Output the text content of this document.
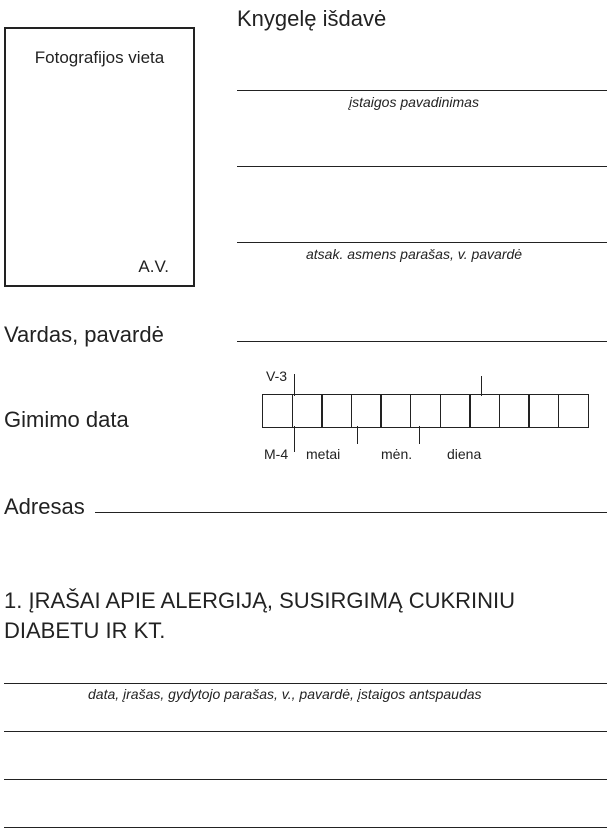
Fotografijos vieta
A.V.
Knygelę išdavė
įstaigos pavadinimas
atsak. asmens parašas, v. pavardė
Vardas, pavardė
Gimimo data
V-3
M-4 metai	mėn. diena
Adresas
1. ĮRAŠAI APIE ALERGIJĄ, SUSIRGIMĄ CUKRINIU DIABETU IR KT.
data, įrašas, gydytojo parašas, v., pavardė, įstaigos antspaudas
